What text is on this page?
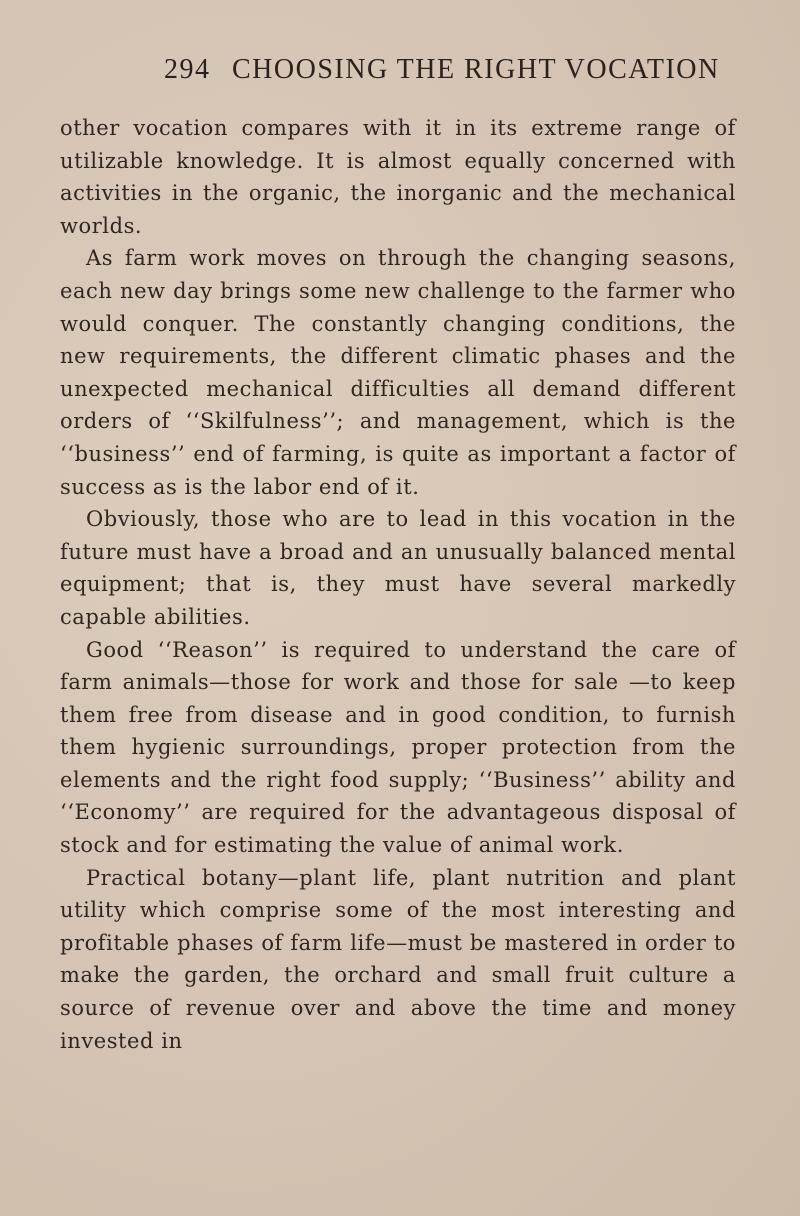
294 CHOOSING THE RIGHT VOCATION

other vocation compares with it in its extreme range of utilizable knowledge. It is almost equally concerned with activities in the organic, the inorganic and the mechanical worlds.

As farm work moves on through the changing seasons, each new day brings some new challenge to the farmer who would conquer. The constantly changing conditions, the new requirements, the different climatic phases and the unexpected mechanical difficulties all demand different orders of ‘‘Skilfulness’’; and management, which is the ‘‘business’’ end of farming, is quite as important a factor of success as is the labor end of it.

Obviously, those who are to lead in this vocation in the future must have a broad and an unusually balanced mental equipment; that is, they must have several markedly capable abilities.

Good ‘‘Reason’’ is required to understand the care of farm animals—those for work and those for sale —to keep them free from disease and in good condition, to furnish them hygienic surroundings, proper protection from the elements and the right food supply; ‘‘Business’’ ability and ‘‘Economy’’ are required for the advantageous disposal of stock and for estimating the value of animal work.

Practical botany—plant life, plant nutrition and plant utility which comprise some of the most interesting and profitable phases of farm life—must be mastered in order to make the garden, the orchard and small fruit culture a source of revenue over and above the time and money invested in
